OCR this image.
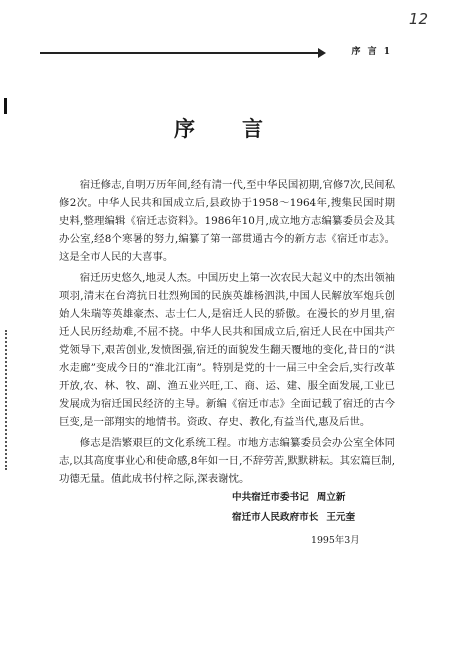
12
序 言 1
序　言

宿迁修志,自明万历年间,经有清一代,至中华民国初期,官修7次,民间私修2次。中华人民共和国成立后,县政协于1958～1964年,搜集民国时期史料,整理编辑《宿迁志资料》。1986年10月,成立地方志编纂委员会及其办公室,经8个寒暑的努力,编纂了第一部贯通古今的新方志《宿迁市志》。这是全市人民的大喜事。

宿迁历史悠久,地灵人杰。中国历史上第一次农民大起义中的杰出领袖项羽,清末在台湾抗日壮烈殉国的民族英雄杨泗洪,中国人民解放军炮兵创始人朱瑞等英雄豪杰、志士仁人,是宿迁人民的骄傲。在漫长的岁月里,宿迁人民历经劫难,不屈不挠。中华人民共和国成立后,宿迁人民在中国共产党领导下,艰苦创业,发愤图强,宿迁的面貌发生翻天覆地的变化,昔日的“洪水走廊”变成今日的“淮北江南”。特别是党的十一届三中全会后,实行改革开放,农、林、牧、副、渔五业兴旺,工、商、运、建、服全面发展,工业已发展成为宿迁国民经济的主导。新编《宿迁市志》全面记载了宿迁的古今巨变,是一部翔实的地情书。资政、存史、教化,有益当代,惠及后世。

修志是浩繁艰巨的文化系统工程。市地方志编纂委员会办公室全体同志,以其高度事业心和使命感,8年如一日,不辞劳苦,默默耕耘。其宏篇巨制,功德无量。值此成书付梓之际,深表谢忱。

中共宿迁市委书记 周立新
宿迁市人民政府市长 王元奎
1995年3月
